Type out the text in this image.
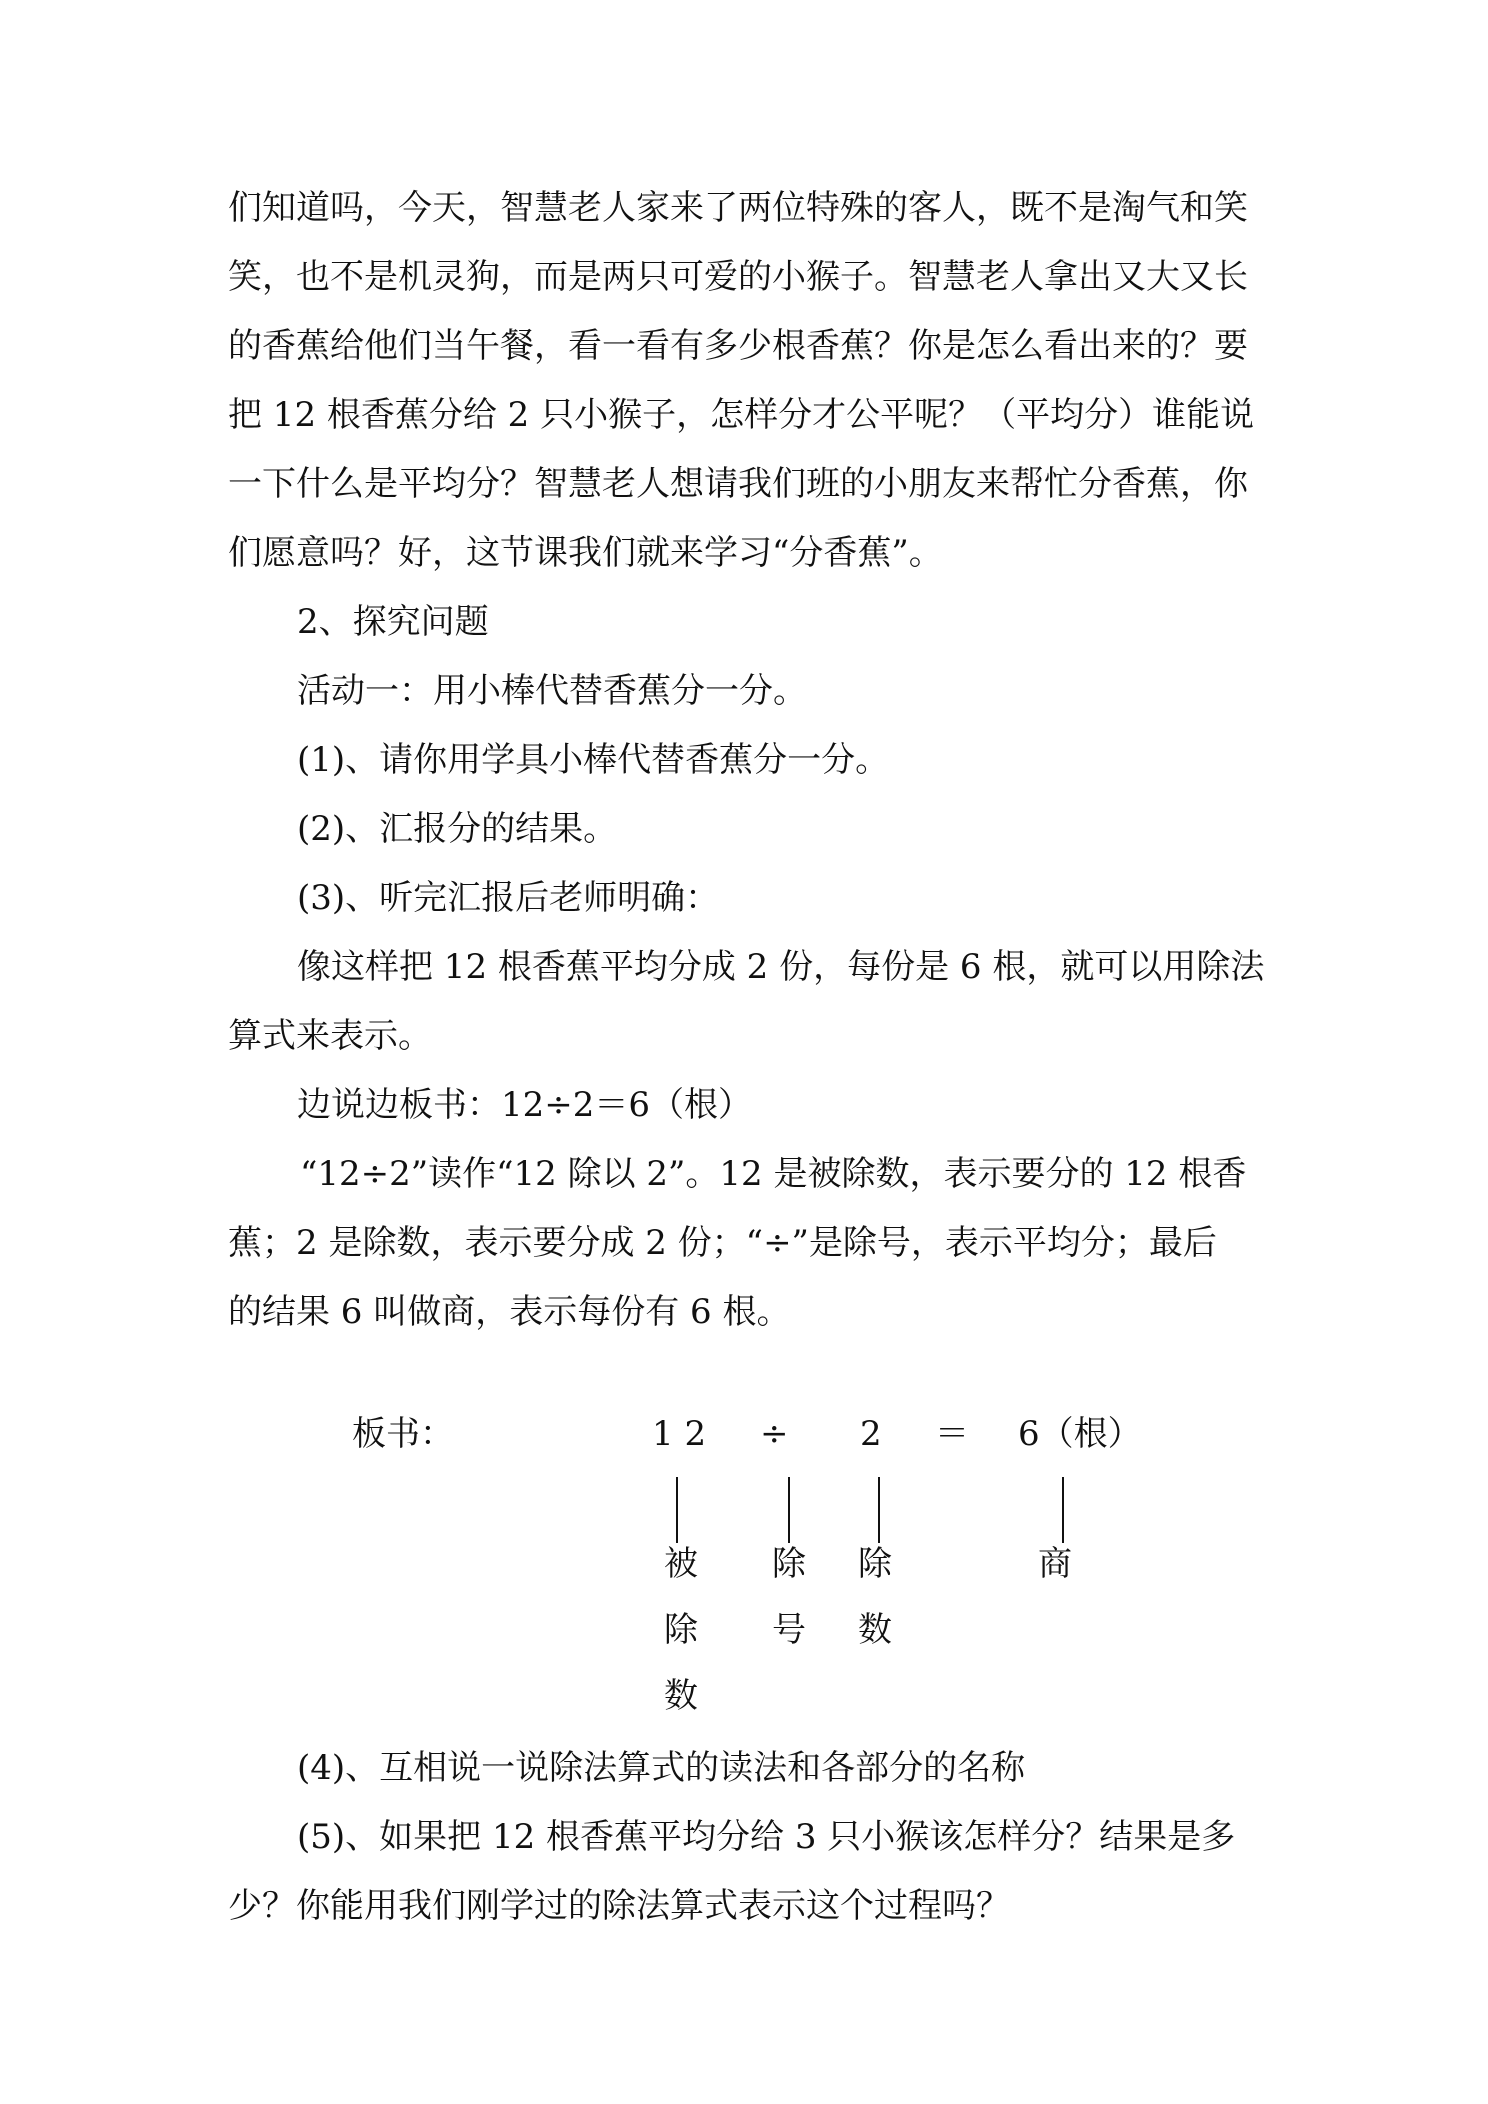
们知道吗，今天，智慧老人家来了两位特殊的客人，既不是淘气和笑
笑，也不是机灵狗，而是两只可爱的小猴子。智慧老人拿出又大又长
的香蕉给他们当午餐，看一看有多少根香蕉？你是怎么看出来的？要
把 12 根香蕉分给 2 只小猴子，怎样分才公平呢？（平均分）谁能说
一下什么是平均分？智慧老人想请我们班的小朋友来帮忙分香蕉，你
们愿意吗？好，这节课我们就来学习“分香蕉”。
2、探究问题
活动一：用小棒代替香蕉分一分。
(1)、请你用学具小棒代替香蕉分一分。
(2)、汇报分的结果。
(3)、听完汇报后老师明确：
像这样把 12 根香蕉平均分成 2 份，每份是 6 根，就可以用除法
算式来表示。
边说边板书：12÷2＝6（根）
“12÷2”读作“12 除以 2”。12 是被除数，表示要分的 12 根香
蕉；2 是除数，表示要分成 2 份；“÷”是除号，表示平均分；最后
的结果 6 叫做商，表示每份有 6 根。
板书：	1 2 ÷ 2 ＝ 6（根）
被
除
数
除
号
除
数
商
(4)、互相说一说除法算式的读法和各部分的名称
(5)、如果把 12 根香蕉平均分给 3 只小猴该怎样分？结果是多
少？你能用我们刚学过的除法算式表示这个过程吗？
